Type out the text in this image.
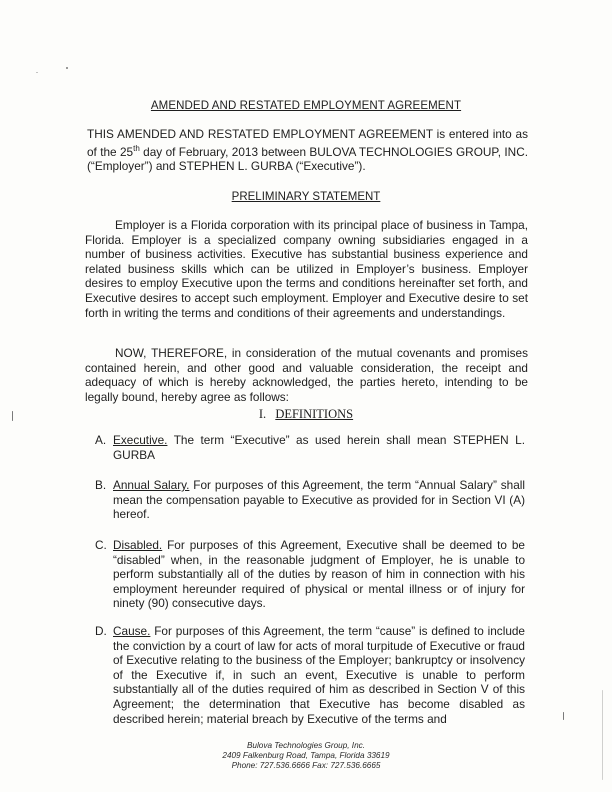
AMENDED AND RESTATED EMPLOYMENT AGREEMENT

THIS AMENDED AND RESTATED EMPLOYMENT AGREEMENT is entered into as of the 25th day of February, 2013 between BULOVA TECHNOLOGIES GROUP, INC. (“Employer”) and STEPHEN L. GURBA (“Executive”).

PRELIMINARY STATEMENT

Employer is a Florida corporation with its principal place of business in Tampa, Florida. Employer is a specialized company owning subsidiaries engaged in a number of business activities. Executive has substantial business experience and related business skills which can be utilized in Employer’s business. Employer desires to employ Executive upon the terms and conditions hereinafter set forth, and Executive desires to accept such employment. Employer and Executive desire to set forth in writing the terms and conditions of their agreements and understandings.

NOW, THEREFORE, in consideration of the mutual covenants and promises contained herein, and other good and valuable consideration, the receipt and adequacy of which is hereby acknowledged, the parties hereto, intending to be legally bound, hereby agree as follows:

I. DEFINITIONS
A. Executive. The term “Executive” as used herein shall mean STEPHEN L. GURBA
B. Annual Salary. For purposes of this Agreement, the term “Annual Salary” shall mean the compensation payable to Executive as provided for in Section VI (A) hereof.
C. Disabled. For purposes of this Agreement, Executive shall be deemed to be “disabled” when, in the reasonable judgment of Employer, he is unable to perform substantially all of the duties by reason of him in connection with his employment hereunder required of physical or mental illness or of injury for ninety (90) consecutive days.
D. Cause. For purposes of this Agreement, the term “cause” is defined to include the conviction by a court of law for acts of moral turpitude of Executive or fraud of Executive relating to the business of the Employer; bankruptcy or insolvency of the Executive if, in such an event, Executive is unable to perform substantially all of the duties required of him as described in Section V of this Agreement; the determination that Executive has become disabled as described herein; material breach by Executive of the terms and
Bulova Technologies Group, Inc.
2409 Falkenburg Road, Tampa, Florida 33619
Phone: 727.536.6666 Fax: 727.536.6665
